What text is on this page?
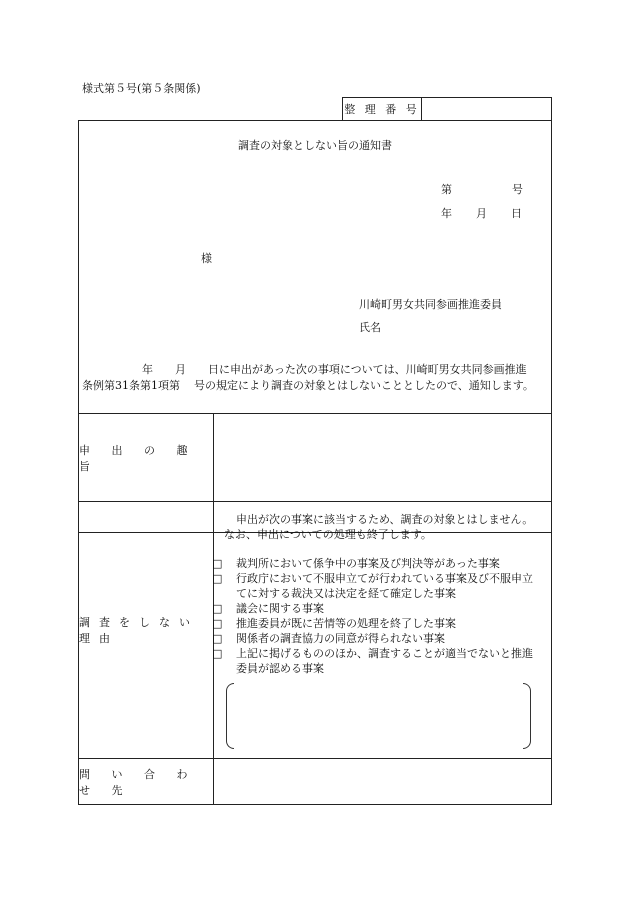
様式第５号(第５条関係)
整 理 番 号
調査の対象としない旨の通知書
第	号
年 月 日
様
川崎町男女共同参画推進委員
氏名
年 月 日に申出があった次の事項については、川崎町男女共同参画推進
条例第31条第1項第 号の規定により調査の対象とはしないこととしたので、通知します。
申 出 の 趣 旨
調査をしない理由

申出が次の事案に該当するため、調査の対象とはしません。なお、申出についての処理も終了します。

□ 裁判所において係争中の事案及び判決等があった事案

□ 行政庁において不服申立てが行われている事案及び不服申立てに対する裁決又は決定を経て確定した事案

□ 議会に関する事案

□ 推進委員が既に苦情等の処理を終了した事案

□ 関係者の調査協力の同意が得られない事案

□ 上記に掲げるもののほか、調査することが適当でないと推進委員が認める事案

問 い 合 わ せ 先
